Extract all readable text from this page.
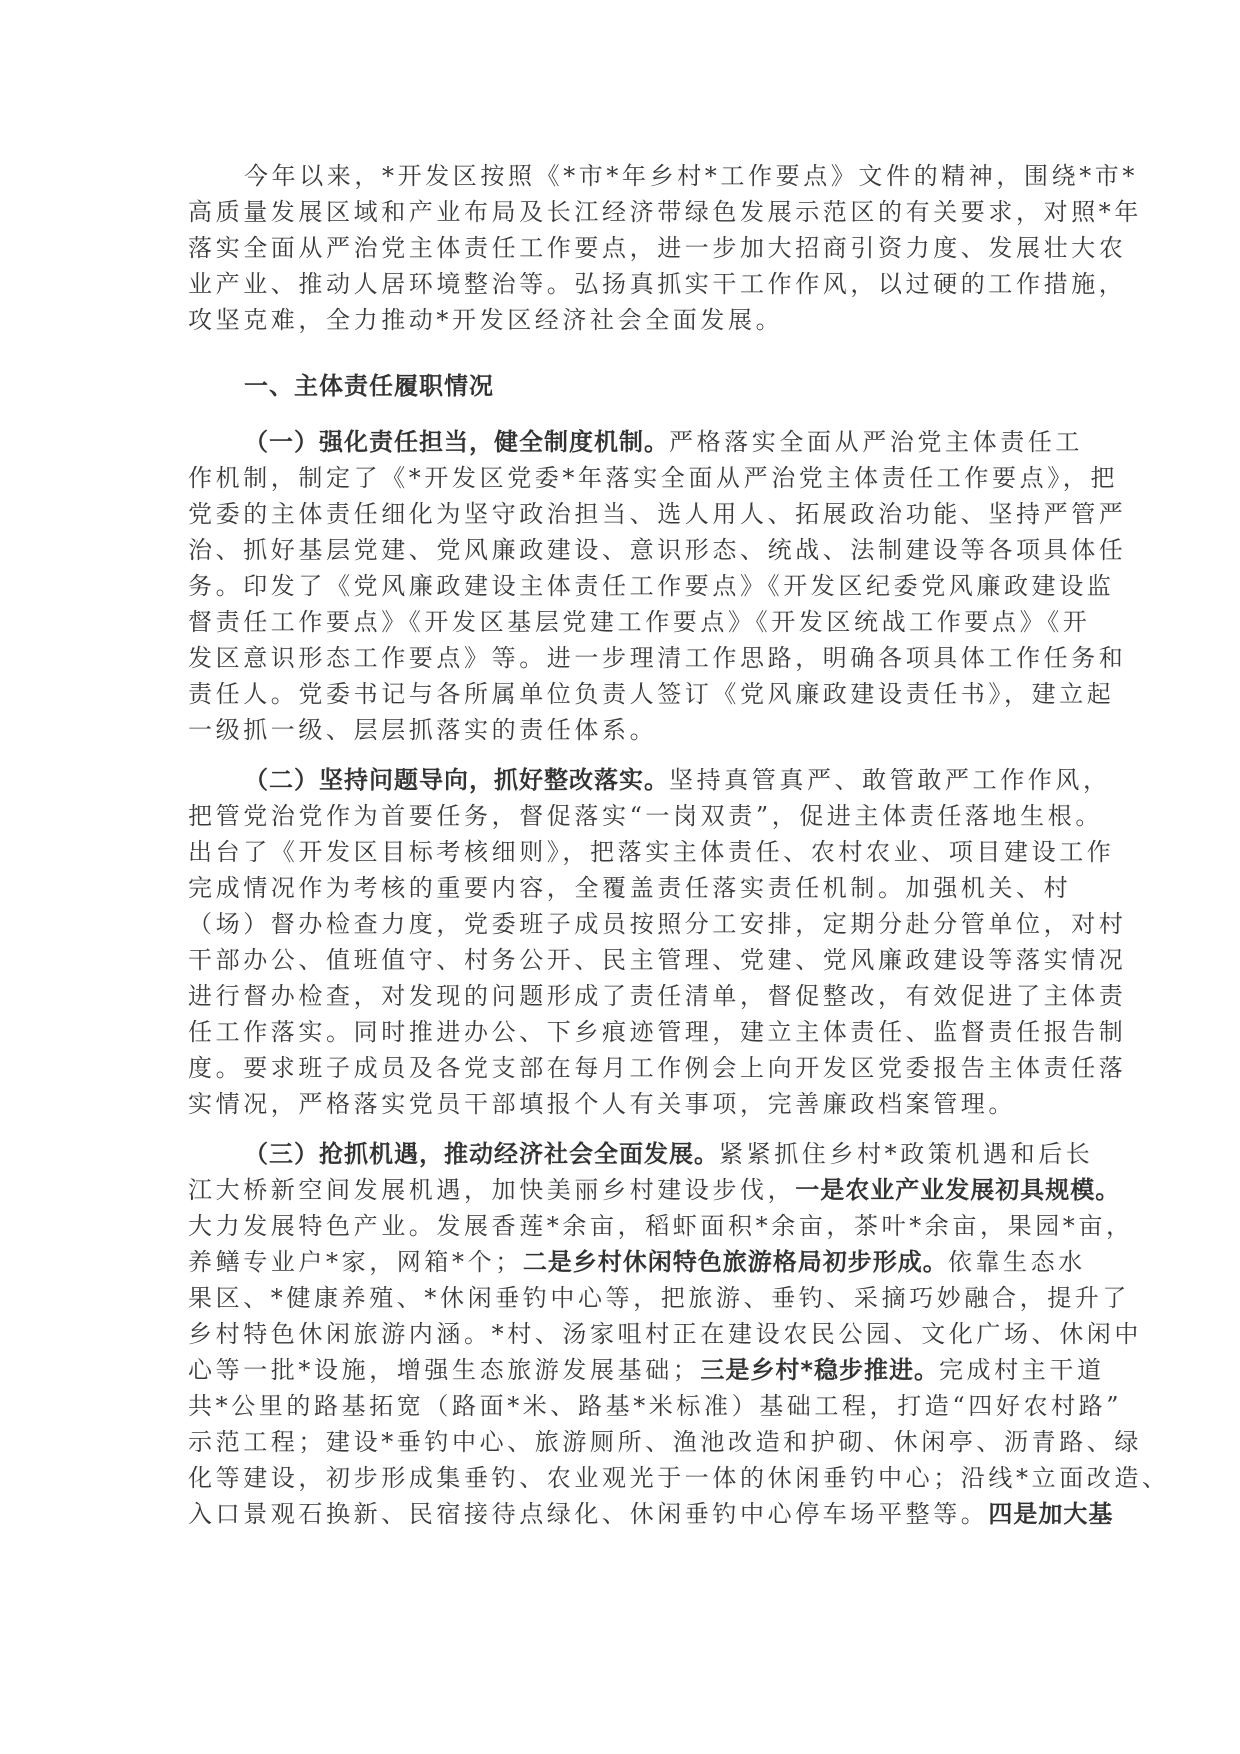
今年以来，*开发区按照《*市*年乡村*工作要点》文件的精神，围绕*市*
高质量发展区域和产业布局及长江经济带绿色发展示范区的有关要求，对照*年
落实全面从严治党主体责任工作要点，进一步加大招商引资力度、发展壮大农
业产业、推动人居环境整治等。弘扬真抓实干工作作风，以过硬的工作措施，
攻坚克难，全力推动*开发区经济社会全面发展。
一、主体责任履职情况
（一）强化责任担当，健全制度机制。严格落实全面从严治党主体责任工
作机制，制定了《*开发区党委*年落实全面从严治党主体责任工作要点》，把
党委的主体责任细化为坚守政治担当、选人用人、拓展政治功能、坚持严管严
治、抓好基层党建、党风廉政建设、意识形态、统战、法制建设等各项具体任
务。印发了《党风廉政建设主体责任工作要点》《开发区纪委党风廉政建设监
督责任工作要点》《开发区基层党建工作要点》《开发区统战工作要点》《开
发区意识形态工作要点》等。进一步理清工作思路，明确各项具体工作任务和
责任人。党委书记与各所属单位负责人签订《党风廉政建设责任书》，建立起
一级抓一级、层层抓落实的责任体系。
（二）坚持问题导向，抓好整改落实。坚持真管真严、敢管敢严工作作风，
把管党治党作为首要任务，督促落实“一岗双责”，促进主体责任落地生根。
出台了《开发区目标考核细则》，把落实主体责任、农村农业、项目建设工作
完成情况作为考核的重要内容，全覆盖责任落实责任机制。加强机关、村
（场）督办检查力度，党委班子成员按照分工安排，定期分赴分管单位，对村
干部办公、值班值守、村务公开、民主管理、党建、党风廉政建设等落实情况
进行督办检查，对发现的问题形成了责任清单，督促整改，有效促进了主体责
任工作落实。同时推进办公、下乡痕迹管理，建立主体责任、监督责任报告制
度。要求班子成员及各党支部在每月工作例会上向开发区党委报告主体责任落
实情况，严格落实党员干部填报个人有关事项，完善廉政档案管理。
（三）抢抓机遇，推动经济社会全面发展。紧紧抓住乡村*政策机遇和后长
江大桥新空间发展机遇，加快美丽乡村建设步伐，一是农业产业发展初具规模。
大力发展特色产业。发展香莲*余亩，稻虾面积*余亩，茶叶*余亩，果园*亩，
养鳝专业户*家，网箱*个；二是乡村休闲特色旅游格局初步形成。依靠生态水
果区、*健康养殖、*休闲垂钓中心等，把旅游、垂钓、采摘巧妙融合，提升了
乡村特色休闲旅游内涵。*村、汤家咀村正在建设农民公园、文化广场、休闲中
心等一批*设施，增强生态旅游发展基础；三是乡村*稳步推进。完成村主干道
共*公里的路基拓宽（路面*米、路基*米标准）基础工程，打造“四好农村路”
示范工程；建设*垂钓中心、旅游厕所、渔池改造和护砌、休闲亭、沥青路、绿
化等建设，初步形成集垂钓、农业观光于一体的休闲垂钓中心；沿线*立面改造、
入口景观石换新、民宿接待点绿化、休闲垂钓中心停车场平整等。四是加大基
